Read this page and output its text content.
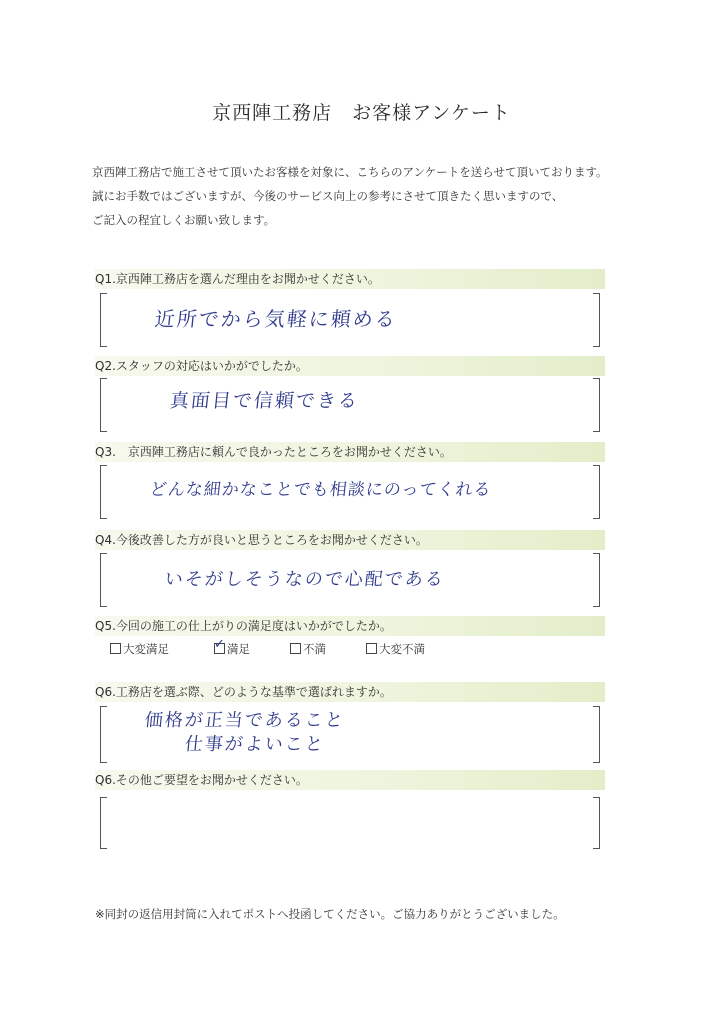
京西陣工務店　お客様アンケート
京西陣工務店で施工させて頂いたお客様を対象に、こちらのアンケートを送らせて頂いております。
誠にお手数ではございますが、今後のサービス向上の参考にさせて頂きたく思いますので、
ご記入の程宜しくお願い致します。
Q1.京西陣工務店を選んだ理由をお聞かせください。
近所でから気軽に頼める
Q2.スタッフの対応はいかがでしたか。
真面目で信頼できる
Q3.　京西陣工務店に頼んで良かったところをお聞かせください。
どんな細かなことでも相談にのってくれる
Q4.今後改善した方が良いと思うところをお聞かせください。
いそがしそうなので心配である
Q5.今回の施工の仕上がりの満足度はいかがでしたか。
大変満足	✓ 満足	不満	大変不満
Q6.工務店を選ぶ際、どのような基準で選ばれますか。
価格が正当であること
仕事がよいこと
Q6.その他ご要望をお聞かせください。
※同封の返信用封筒に入れてポストへ投函してください。ご協力ありがとうございました。
